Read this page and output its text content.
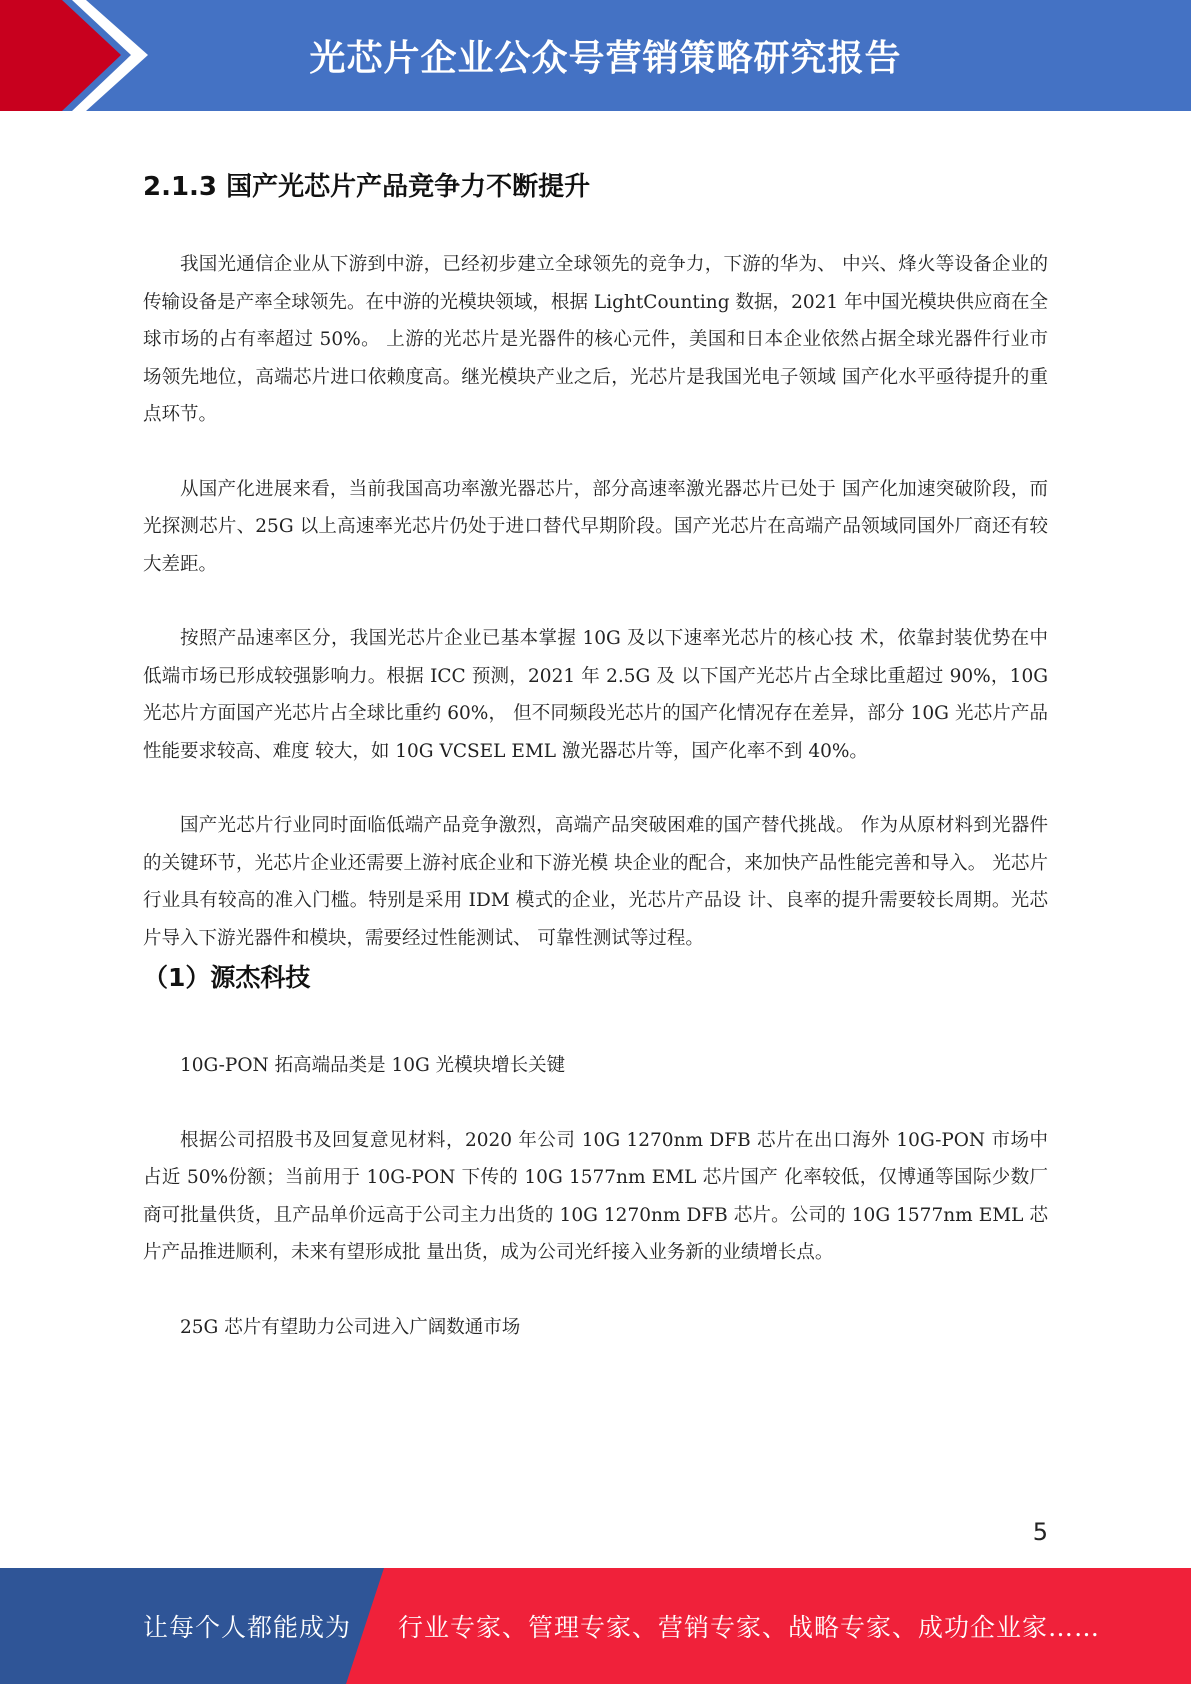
光芯片企业公众号营销策略研究报告
2.1.3 国产光芯片产品竞争力不断提升

我国光通信企业从下游到中游，已经初步建立全球领先的竞争力，下游的华为、 中兴、烽火等设备企业的传输设备是产率全球领先。在中游的光模块领域，根据 LightCounting 数据，2021 年中国光模块供应商在全球市场的占有率超过 50%。 上游的光芯片是光器件的核心元件，美国和日本企业依然占据全球光器件行业市 场领先地位，高端芯片进口依赖度高。继光模块产业之后，光芯片是我国光电子领域 国产化水平亟待提升的重点环节。

从国产化进展来看，当前我国高功率激光器芯片，部分高速率激光器芯片已处于 国产化加速突破阶段，而光探测芯片、25G 以上高速率光芯片仍处于进口替代早期阶段。国产光芯片在高端产品领域同国外厂商还有较大差距。

按照产品速率区分，我国光芯片企业已基本掌握 10G 及以下速率光芯片的核心技 术，依靠封装优势在中低端市场已形成较强影响力。根据 ICC 预测，2021 年 2.5G 及 以下国产光芯片占全球比重超过 90%，10G 光芯片方面国产光芯片占全球比重约 60%， 但不同频段光芯片的国产化情况存在差异，部分 10G 光芯片产品性能要求较高、难度 较大，如 10G VCSEL EML 激光器芯片等，国产化率不到 40%。

国产光芯片行业同时面临低端产品竞争激烈，高端产品突破困难的国产替代挑战。 作为从原材料到光器件的关键环节，光芯片企业还需要上游衬底企业和下游光模 块企业的配合，来加快产品性能完善和导入。 光芯片行业具有较高的准入门槛。特别是采用 IDM 模式的企业，光芯片产品设 计、良率的提升需要较长周期。光芯片导入下游光器件和模块，需要经过性能测试、 可靠性测试等过程。

（1）源杰科技

10G-PON 拓高端品类是 10G 光模块增长关键

根据公司招股书及回复意见材料，2020 年公司 10G 1270nm DFB 芯片在出口海外 10G-PON 市场中占近 50%份额；当前用于 10G-PON 下传的 10G 1577nm EML 芯片国产 化率较低，仅博通等国际少数厂商可批量供货，且产品单价远高于公司主力出货的 10G 1270nm DFB 芯片。公司的 10G 1577nm EML 芯片产品推进顺利，未来有望形成批 量出货，成为公司光纤接入业务新的业绩增长点。

25G 芯片有望助力公司进入广阔数通市场

5
让每个人都能成为 行业专家、管理专家、营销专家、战略专家、成功企业家……
